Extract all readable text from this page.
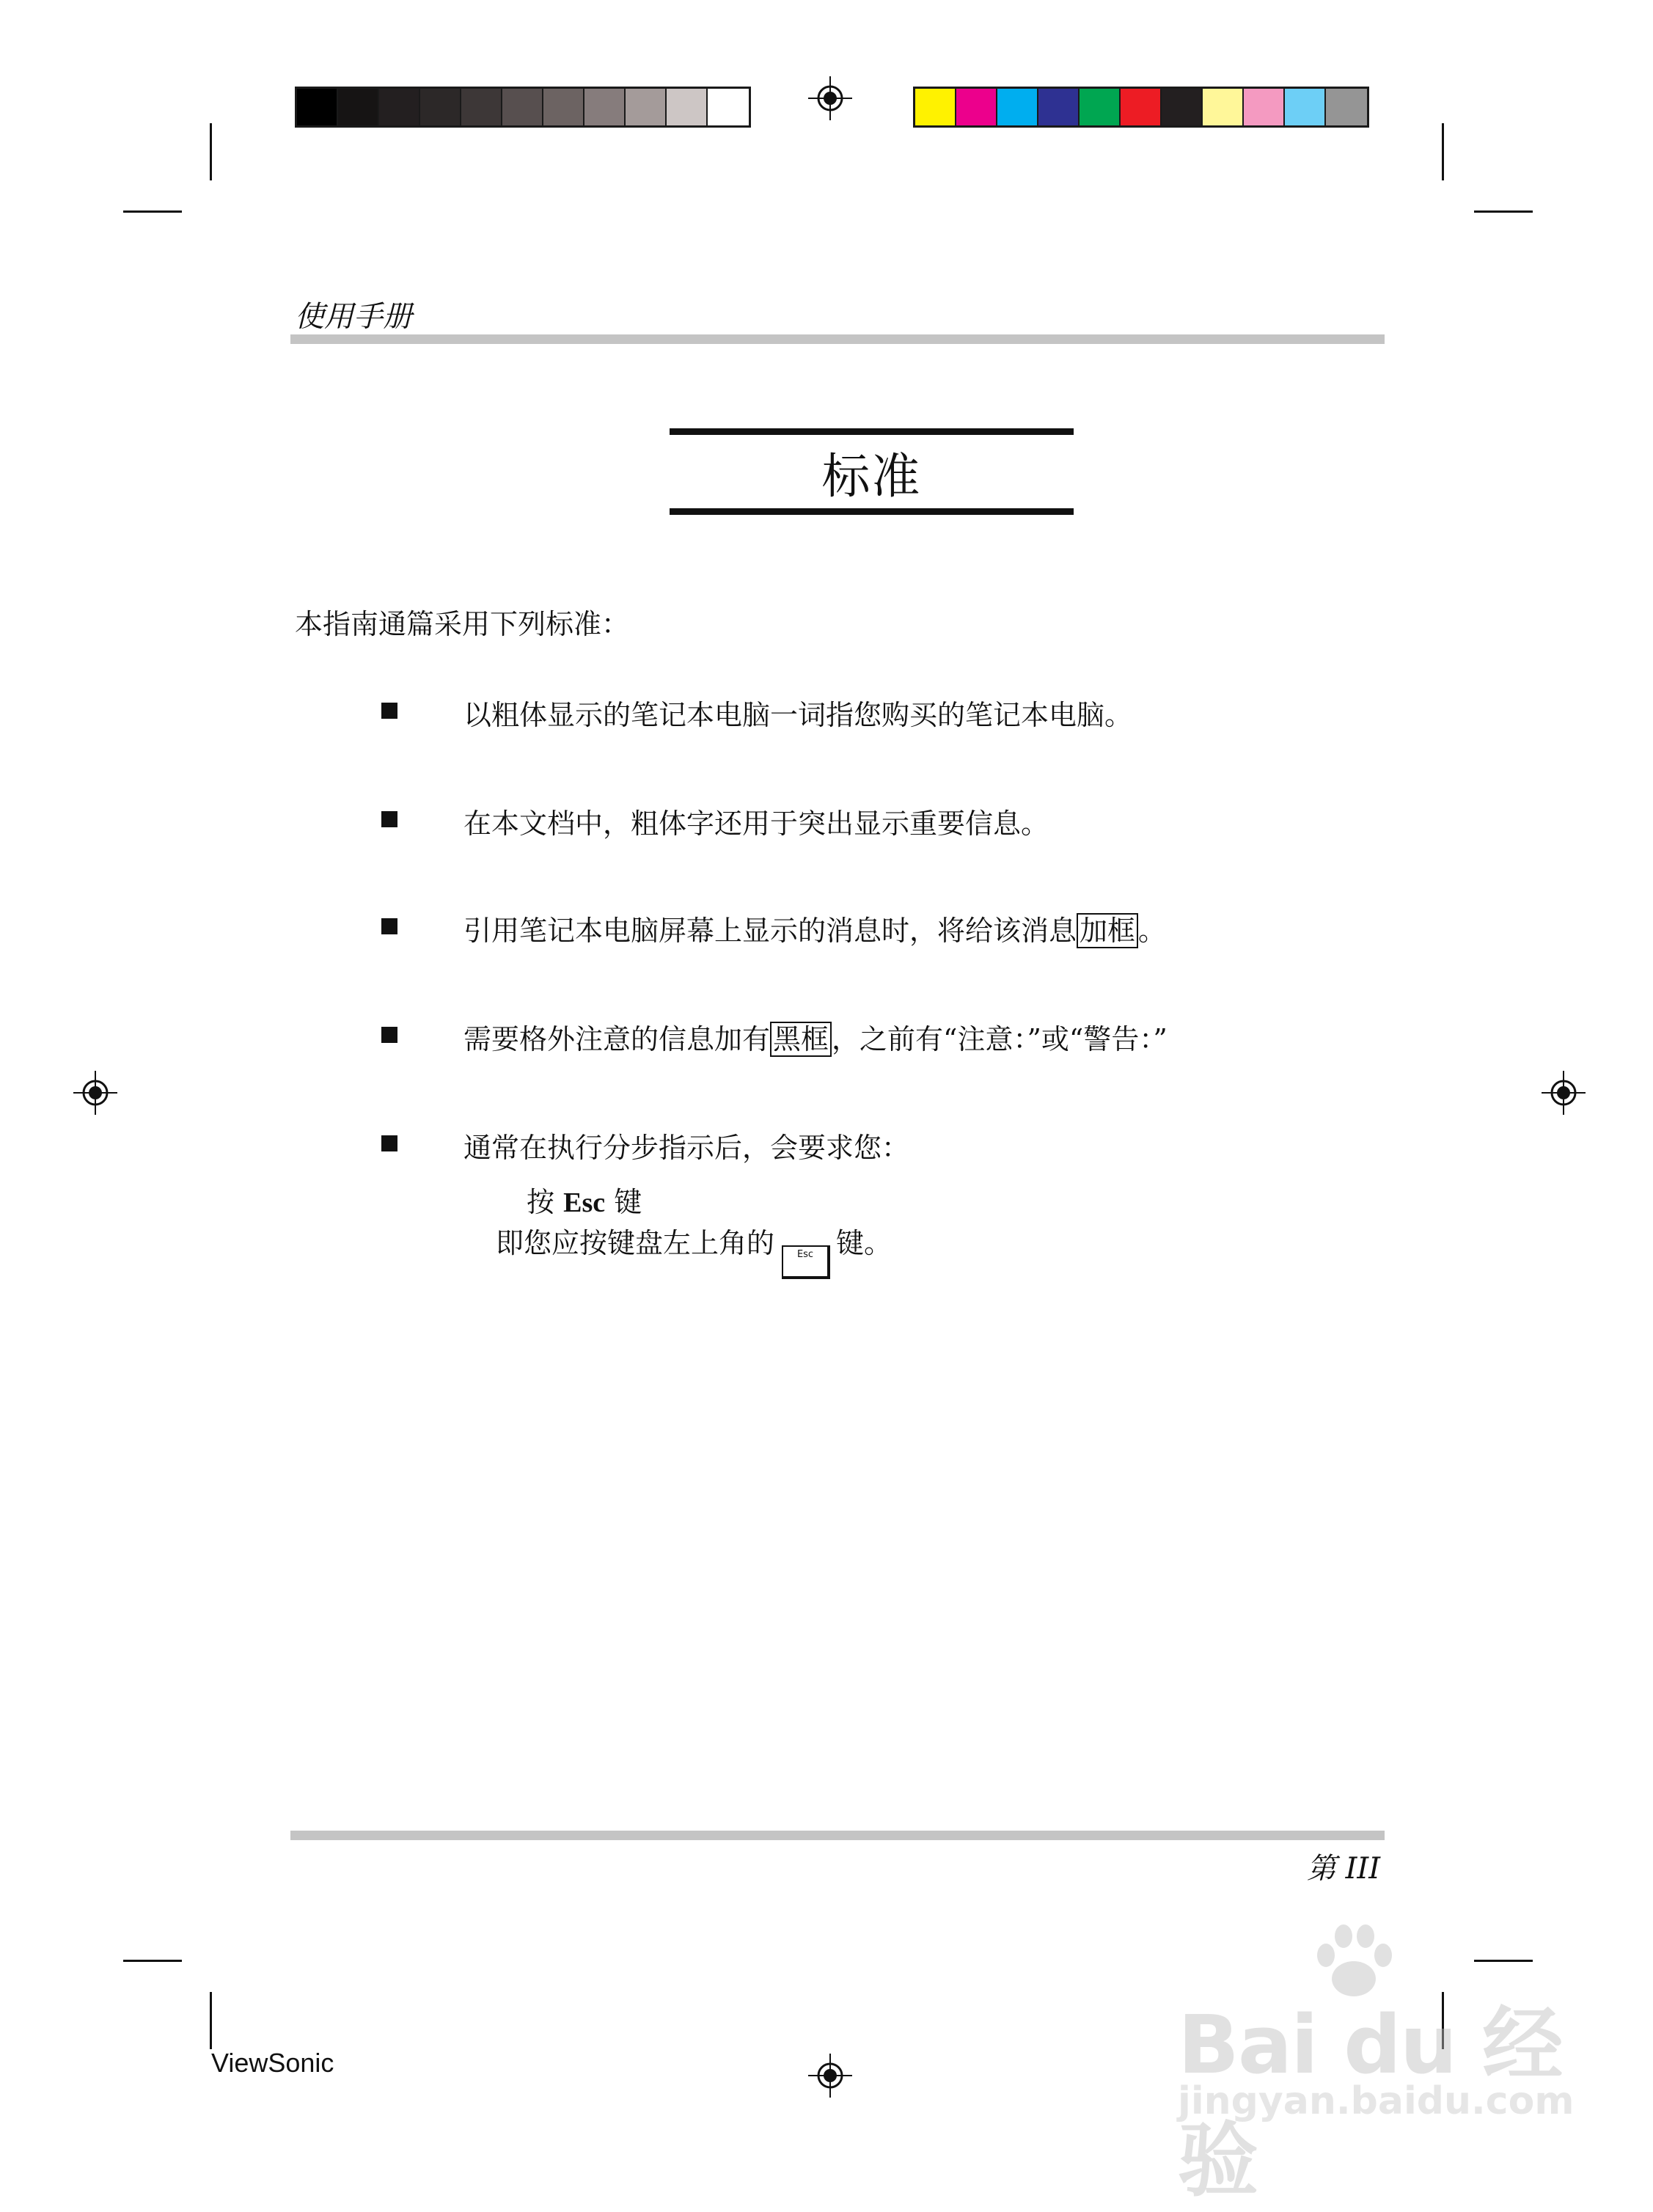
使用手册
标准
本指南通篇采用下列标准：
以粗体显示的笔记本电脑一词指您购买的笔记本电脑。
在本文档中，粗体字还用于突出显示重要信息。
引用笔记本电脑屏幕上显示的消息时，将给该消息 加框 。
需要格外注意的信息加有 黑框 ，之前有“注意：”或“警告：”
通常在执行分步指示后，会要求您：
按 Esc 键
即您应按键盘左上角的 Esc 键。
第 III
ViewSonic	Bai du 经验
jingyan.baidu.com
